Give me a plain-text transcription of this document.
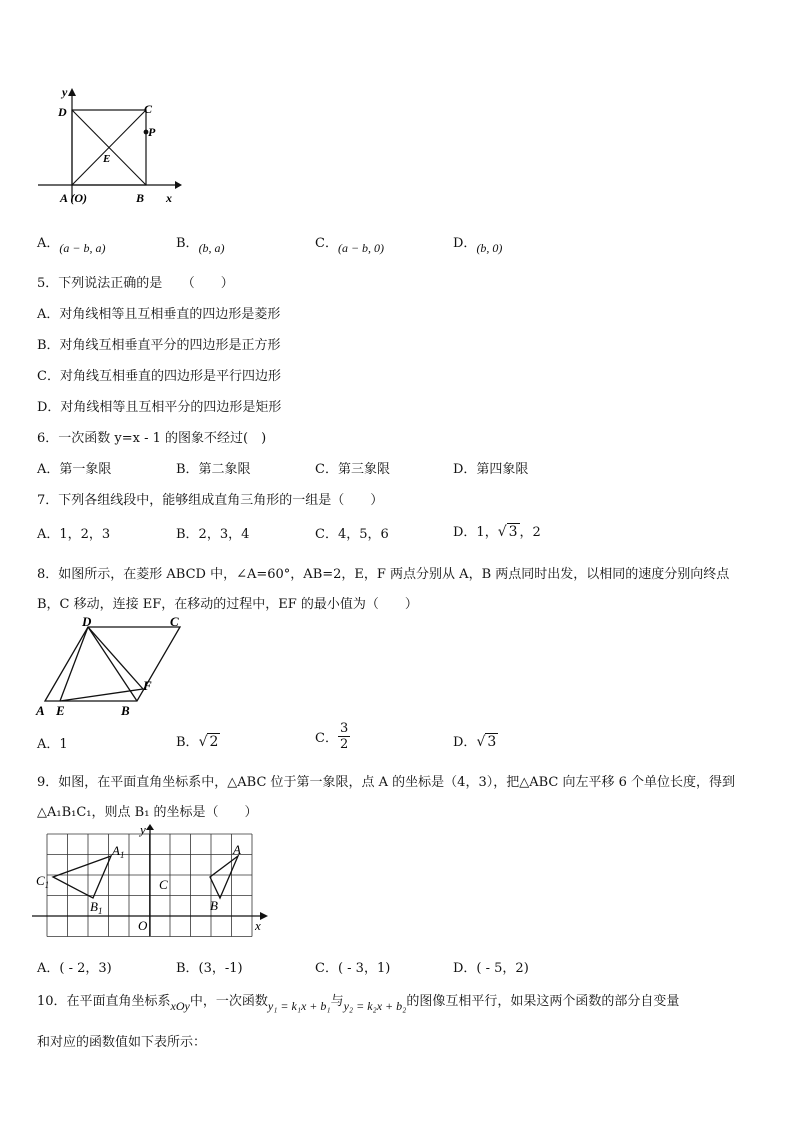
y
D	C
P
E
A (O)	B x
A．(a − b, a)	B．(b, a)	C．(a − b, 0)	D．(b, 0)
5．下列说法正确的是　　（　　）
A．对角线相等且互相垂直的四边形是菱形
B．对角线互相垂直平分的四边形是正方形
C．对角线互相垂直的四边形是平行四边形
D．对角线相等且互相平分的四边形是矩形
6．一次函数 y=x - 1 的图象不经过(　)
A．第一象限	B．第二象限	C．第三象限	D．第四象限
7．下列各组线段中，能够组成直角三角形的一组是（　　）
A．1，2，3	B．2，3，4	C．4，5，6	D．1，√ 3 ，2
8．如图所示，在菱形 ABCD 中，∠A=60°，AB=2，E，F 两点分别从 A，B 两点同时出发，以相同的速度分别向终点
B，C 移动，连接 EF，在移动的过程中，EF 的最小值为（　　）
D	C
F
A E	B
A．1	B．√ 2	C． $\frac{3}{2}$	D．√ 3
9．如图，在平面直角坐标系中，△ABC 位于第一象限，点 A 的坐标是（4，3），把△ABC 向左平移 6 个单位长度，得到
△A₁B₁C₁，则点 B₁ 的坐标是（　　）
y
x
O
A
C
B
$A_1$
$C_1$
$B_1$
A．( - 2，3)	B．(3，-1)	C．( - 3，1)	D．( - 5，2)
10．在平面直角坐标系xOy中，一次函数y₁ = k₁x + b₁与y₂ = k₂x + b₂的图像互相平行，如果这两个函数的部分自变量
和对应的函数值如下表所示：
